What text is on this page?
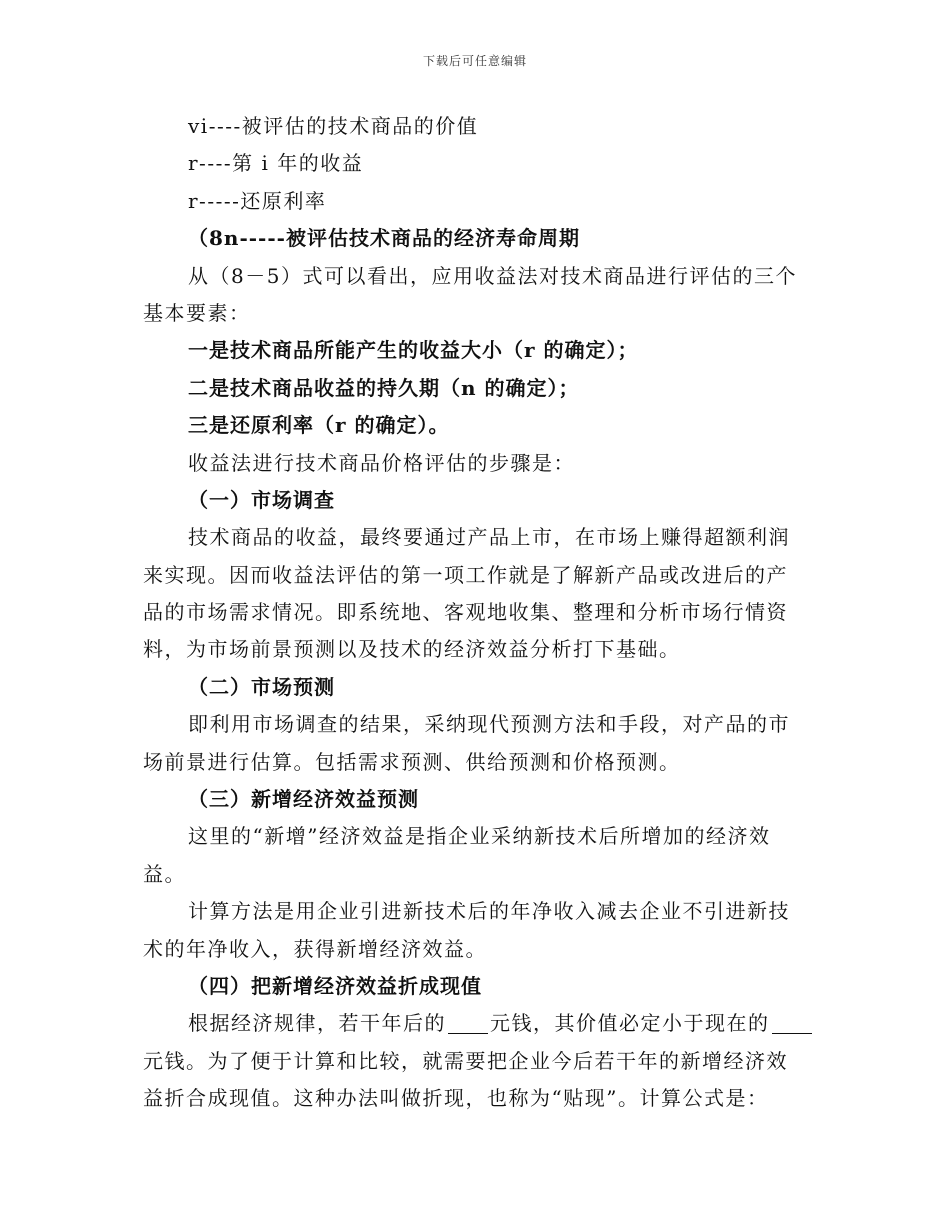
下载后可任意编辑
vi----被评估的技术商品的价值
r----第 i 年的收益
r-----还原利率
（8n-----被评估技术商品的经济寿命周期
从（8－5）式可以看出，应用收益法对技术商品进行评估的三个
基本要素：
一是技术商品所能产生的收益大小（r 的确定）；
二是技术商品收益的持久期（n 的确定）；
三是还原利率（r 的确定）。
收益法进行技术商品价格评估的步骤是：
（一）市场调查
技术商品的收益，最终要通过产品上市，在市场上赚得超额利润
来实现。因而收益法评估的第一项工作就是了解新产品或改进后的产
品的市场需求情况。即系统地、客观地收集、整理和分析市场行情资
料，为市场前景预测以及技术的经济效益分析打下基础。
（二）市场预测
即利用市场调查的结果，采纳现代预测方法和手段，对产品的市
场前景进行估算。包括需求预测、供给预测和价格预测。
（三）新增经济效益预测
这里的“新增”经济效益是指企业采纳新技术后所增加的经济效
益。
计算方法是用企业引进新技术后的年净收入减去企业不引进新技
术的年净收入，获得新增经济效益。
（四）把新增经济效益折成现值
根据经济规律，若干年后的 元钱，其价值必定小于现在的
元钱。为了便于计算和比较，就需要把企业今后若干年的新增经济效
益折合成现值。这种办法叫做折现，也称为“贴现”。计算公式是：
